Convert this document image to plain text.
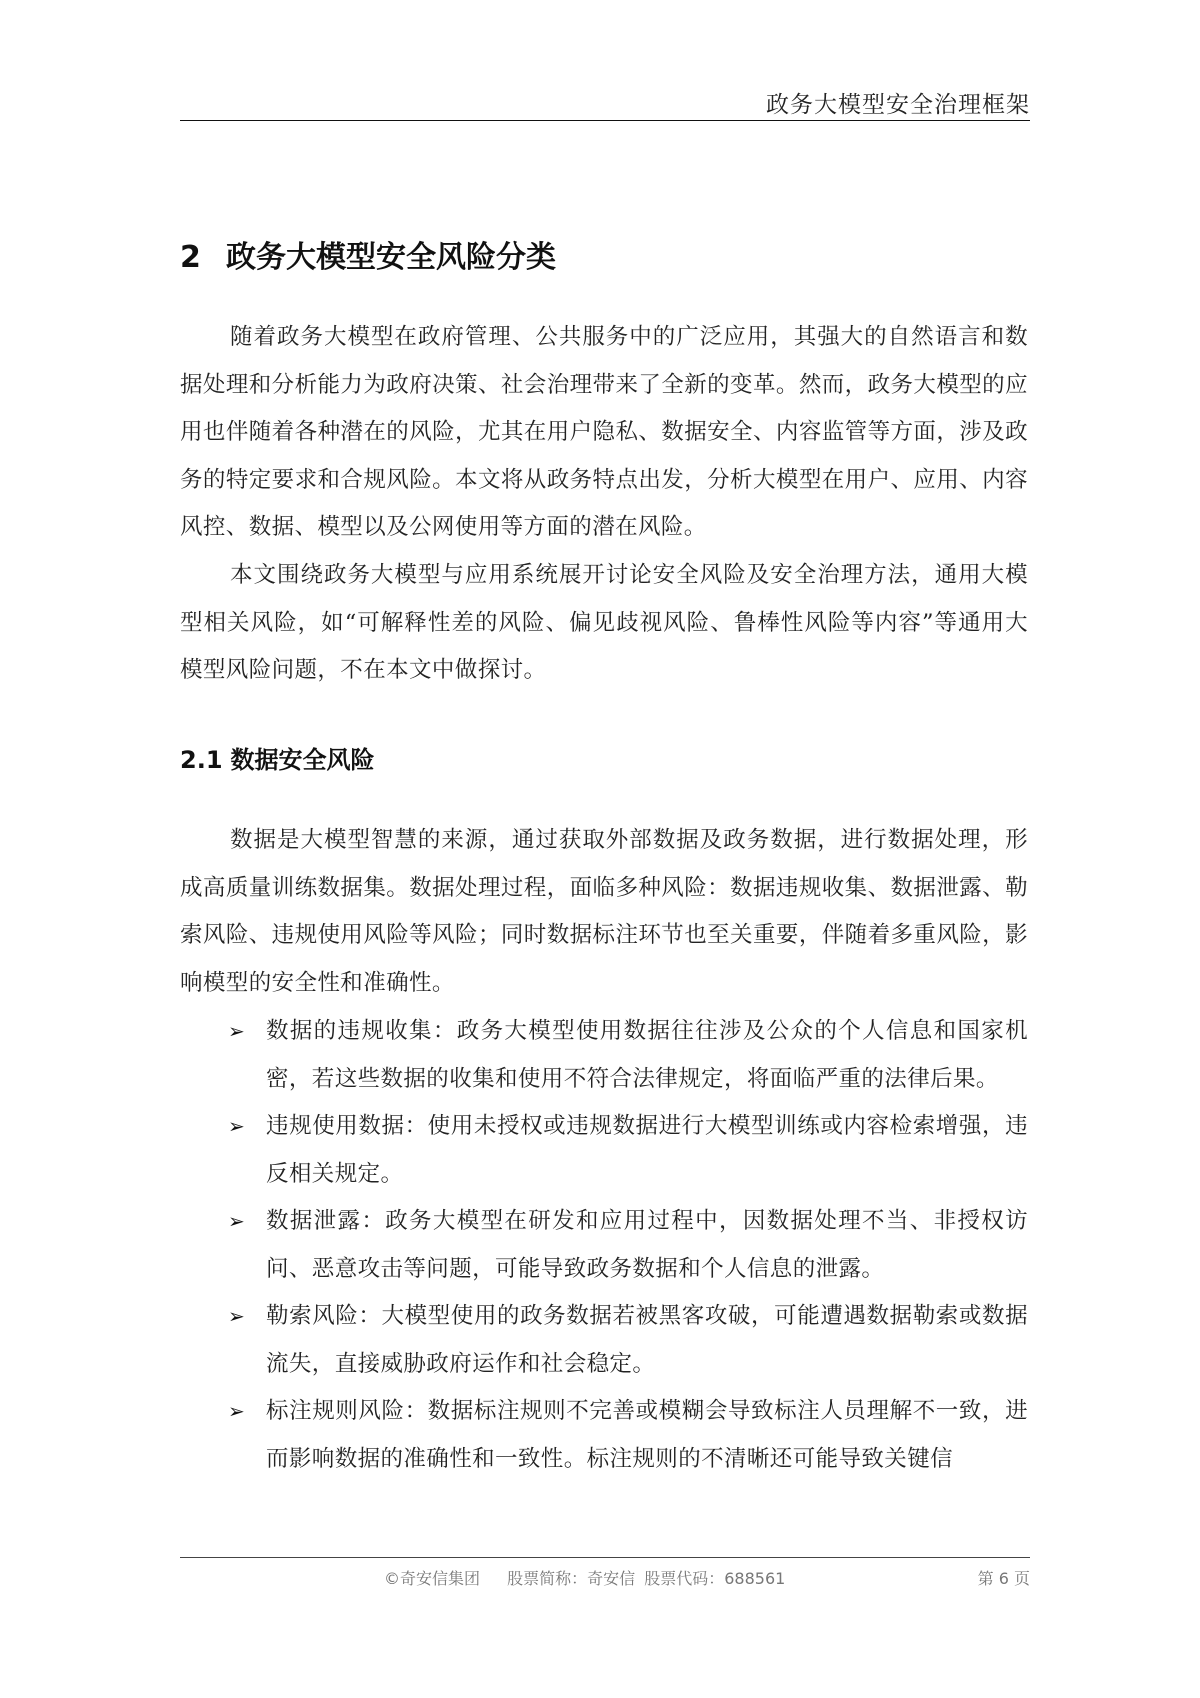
政务大模型安全治理框架
2 政务大模型安全风险分类

随着政务大模型在政府管理、公共服务中的广泛应用，其强大的自然语言和数据处理和分析能力为政府决策、社会治理带来了全新的变革。然而，政务大模型的应用也伴随着各种潜在的风险，尤其在用户隐私、数据安全、内容监管等方面，涉及政务的特定要求和合规风险。本文将从政务特点出发，分析大模型在用户、应用、内容风控、数据、模型以及公网使用等方面的潜在风险。

本文围绕政务大模型与应用系统展开讨论安全风险及安全治理方法，通用大模型相关风险，如“可解释性差的风险、偏见歧视风险、鲁棒性风险等内容”等通用大模型风险问题，不在本文中做探讨。

2.1 数据安全风险

数据是大模型智慧的来源，通过获取外部数据及政务数据，进行数据处理，形成高质量训练数据集。数据处理过程，面临多种风险：数据违规收集、数据泄露、勒索风险、违规使用风险等风险；同时数据标注环节也至关重要，伴随着多重风险，影响模型的安全性和准确性。

➢ 数据的违规收集：政务大模型使用数据往往涉及公众的个人信息和国家机密，若这些数据的收集和使用不符合法律规定，将面临严重的法律后果。
➢ 违规使用数据：使用未授权或违规数据进行大模型训练或内容检索增强，违反相关规定。
➢ 数据泄露：政务大模型在研发和应用过程中，因数据处理不当、非授权访问、恶意攻击等问题，可能导致政务数据和个人信息的泄露。
➢ 勒索风险：大模型使用的政务数据若被黑客攻破，可能遭遇数据勒索或数据流失，直接威胁政府运作和社会稳定。
➢ 标注规则风险：数据标注规则不完善或模糊会导致标注人员理解不一致，进而影响数据的准确性和一致性。标注规则的不清晰还可能导致关键信
©奇安信集团 股票简称：奇安信 股票代码：688561	第 6 页
